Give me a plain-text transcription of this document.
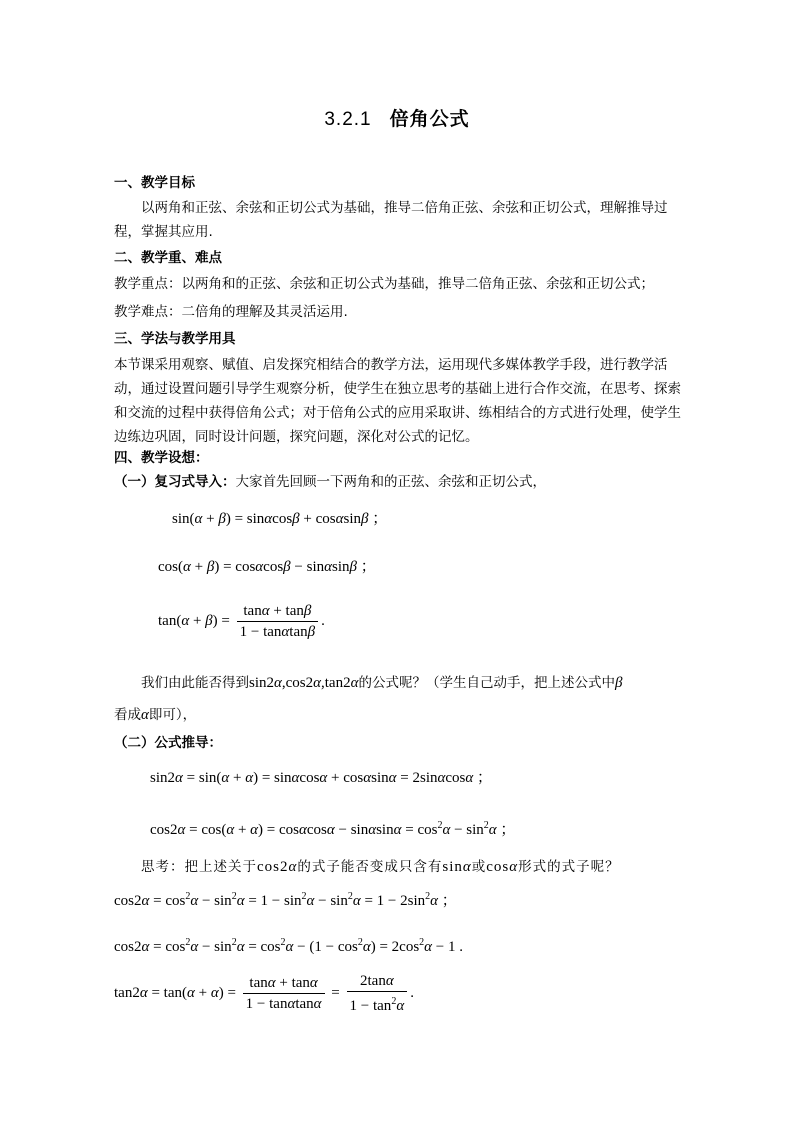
3.2.1 倍角公式
一、教学目标
以两角和正弦、余弦和正切公式为基础，推导二倍角正弦、余弦和正切公式，理解推导过程，掌握其应用.
二、教学重、难点
教学重点：以两角和的正弦、余弦和正切公式为基础，推导二倍角正弦、余弦和正切公式；
教学难点：二倍角的理解及其灵活运用.
三、学法与教学用具
本节课采用观察、赋值、启发探究相结合的教学方法，运用现代多媒体教学手段，进行教学活动，通过设置问题引导学生观察分析，使学生在独立思考的基础上进行合作交流，在思考、探索和交流的过程中获得倍角公式；对于倍角公式的应用采取讲、练相结合的方式进行处理，使学生边练边巩固，同时设计问题，探究问题，深化对公式的记忆。
四、教学设想：
（一）复习式导入：大家首先回顾一下两角和的正弦、余弦和正切公式，
sin(α + β) = sinαcosβ + cosαsinβ ；
cos(α + β) = cosαcosβ − sinαsinβ ；
$\tan(\alpha + \beta) = \frac{\tan\alpha + \tan\beta}{1 - \tan\alpha\tan\beta}$ .
我们由此能否得到sin2α,cos2α,tan2α的公式呢？（学生自己动手，把上述公式中β
看成α即可），
（二）公式推导：
sin2α = sin(α + α) = sinαcosα + cosαsinα = 2sinαcosα ；
$\cos 2\alpha = \cos(\alpha + \alpha) = \cos\alpha\cos\alpha - \sin\alpha\sin\alpha = \cos^2\alpha - \sin^2\alpha$ ；
思考：把上述关于cos2α的式子能否变成只含有sinα或cosα形式的式子呢？
$\cos 2\alpha = \cos^2\alpha - \sin^2\alpha = 1 - \sin^2\alpha - \sin^2\alpha = 1 - 2\sin^2\alpha$ ；
$\cos 2\alpha = \cos^2\alpha - \sin^2\alpha = \cos^2\alpha - (1 - \cos^2\alpha) = 2\cos^2\alpha - 1$ .
$\tan 2\alpha = \tan(\alpha + \alpha) = \frac{\tan\alpha + \tan\alpha}{1 - \tan\alpha\tan\alpha} = \frac{2\tan\alpha}{1 - \tan^2\alpha}$ .
